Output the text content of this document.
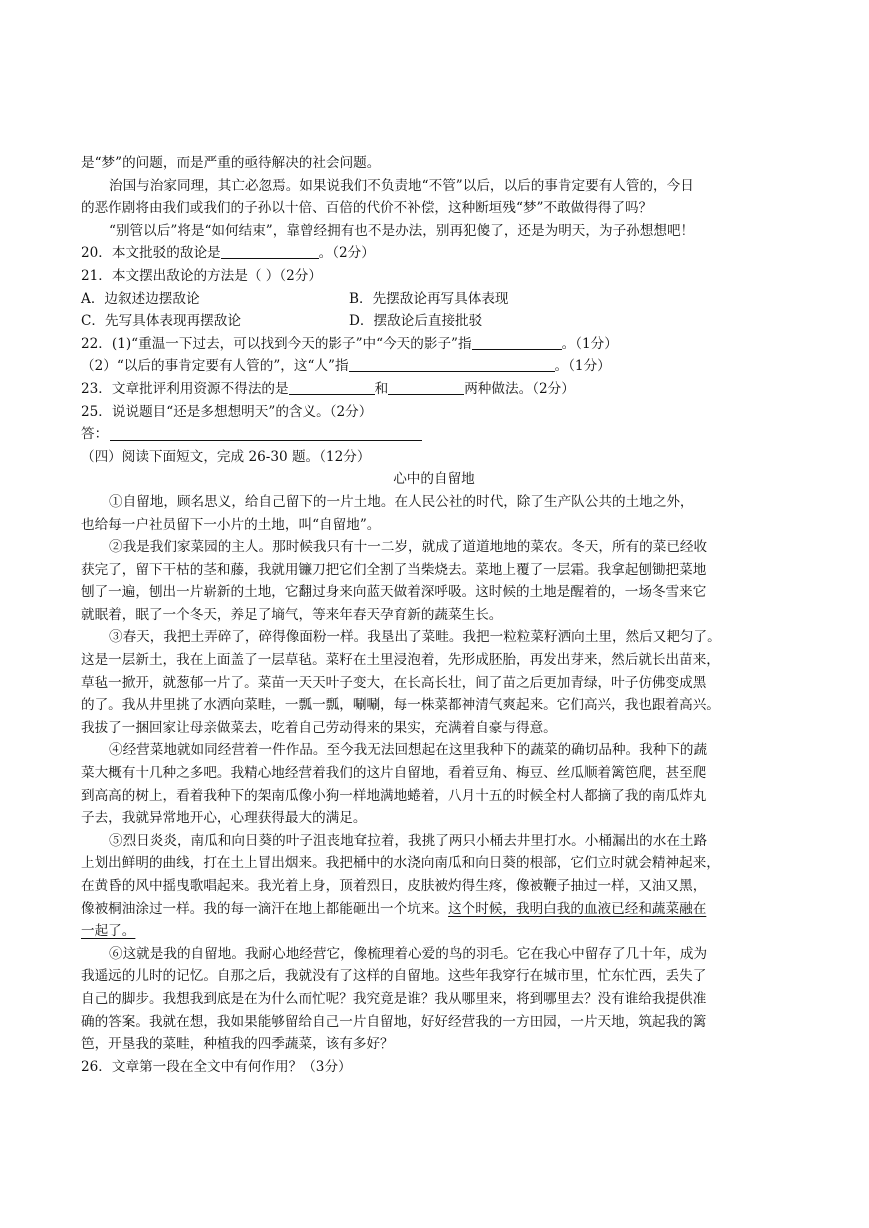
是“梦”的问题，而是严重的亟待解决的社会问题。
治国与治家同理，其亡必忽焉。如果说我们不负责地“不管”以后，以后的事肯定要有人管的，今日
的恶作剧将由我们或我们的子孙以十倍、百倍的代价不补偿，这种断垣残“梦”不敢做得得了吗？
“别管以后”将是“如何结束”，靠曾经拥有也不是办法，别再犯傻了，还是为明天，为子孙想想吧！
20．本文批驳的敌论是	。（2分）
21．本文摆出敌论的方法是（ ）（2分）
A．边叙述边摆敌论	B．先摆敌论再写具体表现
C．先写具体表现再摆敌论	D．摆敌论后直接批驳
22．(1)“重温一下过去，可以找到今天的影子”中“今天的影子”指	。（1分）
（2）“以后的事肯定要有人管的”，这“人”指	。（1分）
23．文章批评利用资源不得法的是	和	两种做法。（2分）
25．说说题目“还是多想想明天”的含义。（2分）
答：
（四）阅读下面短文，完成 26-30 题。（12分）
心中的自留地
①自留地，顾名思义，给自己留下的一片土地。在人民公社的时代，除了生产队公共的土地之外，
也给每一户社员留下一小片的土地，叫“自留地”。
②我是我们家菜园的主人。那时候我只有十一二岁，就成了道道地地的菜农。冬天，所有的菜已经收
获完了，留下干枯的茎和藤，我就用镰刀把它们全割了当柴烧去。菜地上覆了一层霜。我拿起刨锄把菜地
刨了一遍，刨出一片崭新的土地，它翻过身来向蓝天做着深呼吸。这时候的土地是醒着的，一场冬雪来它
就眠着，眠了一个冬天，养足了墒气，等来年春天孕育新的蔬菜生长。
③春天，我把土弄碎了，碎得像面粉一样。我垦出了菜畦。我把一粒粒菜籽洒向土里，然后又耙匀了。
这是一层新土，我在上面盖了一层草毡。菜籽在土里浸泡着，先形成胚胎，再发出芽来，然后就长出苗来，
草毡一掀开，就葱郁一片了。菜苗一天天叶子变大，在长高长壮，间了苗之后更加青绿，叶子仿佛变成黑
的了。我从井里挑了水洒向菜畦，一瓢一瓢，唰唰，每一株菜都神清气爽起来。它们高兴，我也跟着高兴。
我拔了一捆回家让母亲做菜去，吃着自己劳动得来的果实，充满着自豪与得意。
④经营菜地就如同经营着一件作品。至今我无法回想起在这里我种下的蔬菜的确切品种。我种下的蔬
菜大概有十几种之多吧。我精心地经营着我们的这片自留地，看着豆角、梅豆、丝瓜顺着篱笆爬，甚至爬
到高高的树上，看着我种下的架南瓜像小狗一样地满地蜷着，八月十五的时候全村人都摘了我的南瓜炸丸
子去，我就异常地开心，心理获得最大的满足。
⑤烈日炎炎，南瓜和向日葵的叶子沮丧地耷拉着，我挑了两只小桶去井里打水。小桶漏出的水在土路
上划出鲜明的曲线，打在土上冒出烟来。我把桶中的水浇向南瓜和向日葵的根部，它们立时就会精神起来，
在黄昏的风中摇曳歌唱起来。我光着上身，顶着烈日，皮肤被灼得生疼，像被鞭子抽过一样，又油又黑，
像被桐油涂过一样。我的每一滴汗在地上都能砸出一个坑来。这个时候，我明白我的血液已经和蔬菜融在
一起了。
⑥这就是我的自留地。我耐心地经营它，像梳理着心爱的鸟的羽毛。它在我心中留存了几十年，成为
我遥远的儿时的记忆。自那之后，我就没有了这样的自留地。这些年我穿行在城市里，忙东忙西，丢失了
自己的脚步。我想我到底是在为什么而忙呢？我究竟是谁？我从哪里来，将到哪里去？没有谁给我提供准
确的答案。我就在想，我如果能够留给自己一片自留地，好好经营我的一方田园，一片天地，筑起我的篱
笆，开垦我的菜畦，种植我的四季蔬菜，该有多好？
26．文章第一段在全文中有何作用？（3分）
